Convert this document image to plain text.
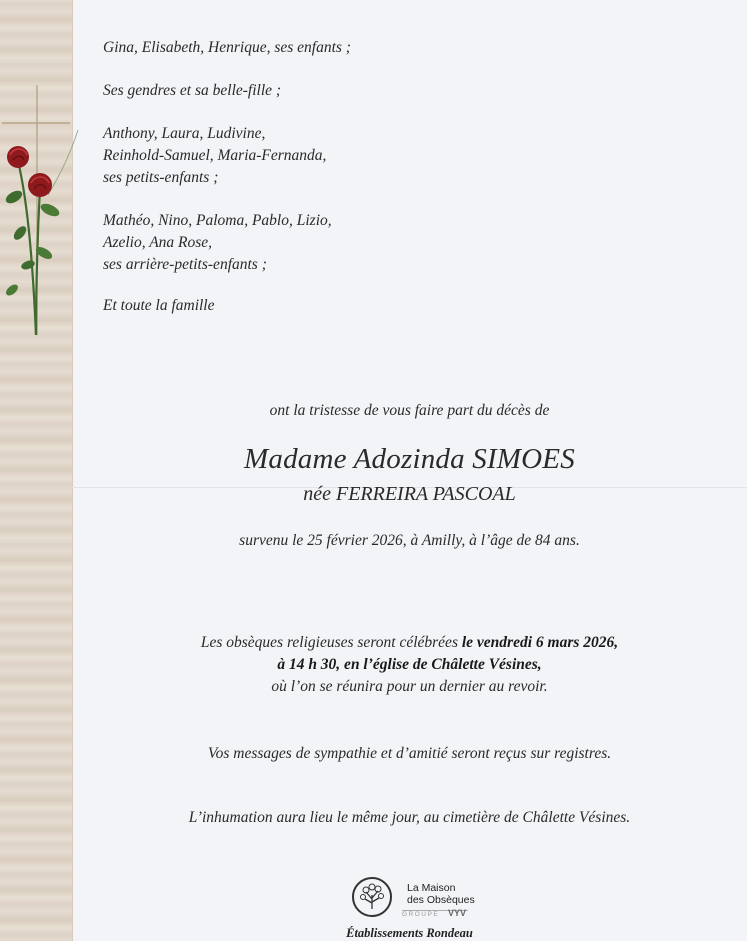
Gina, Elisabeth, Henrique, ses enfants ;
Ses gendres et sa belle-fille ;
Anthony, Laura, Ludivine,
Reinhold-Samuel, Maria-Fernanda,
ses petits-enfants ;
Mathéo, Nino, Paloma, Pablo, Lizio,
Azelio, Ana Rose,
ses arrière-petits-enfants ;
Et toute la famille
ont la tristesse de vous faire part du décès de
Madame Adozinda SIMOES
née FERREIRA PASCOAL
survenu le 25 février 2026, à Amilly, à l’âge de 84 ans.
Les obsèques religieuses seront célébrées le vendredi 6 mars 2026,
à 14 h 30, en l’église de Châlette Vésines,
où l’on se réunira pour un dernier au revoir.
Vos messages de sympathie et d’amitié seront reçus sur registres.
L’inhumation aura lieu le même jour, au cimetière de Châlette Vésines.
La Maison
des Obsèques
GROUPE VYV
Établissements Rondeau
